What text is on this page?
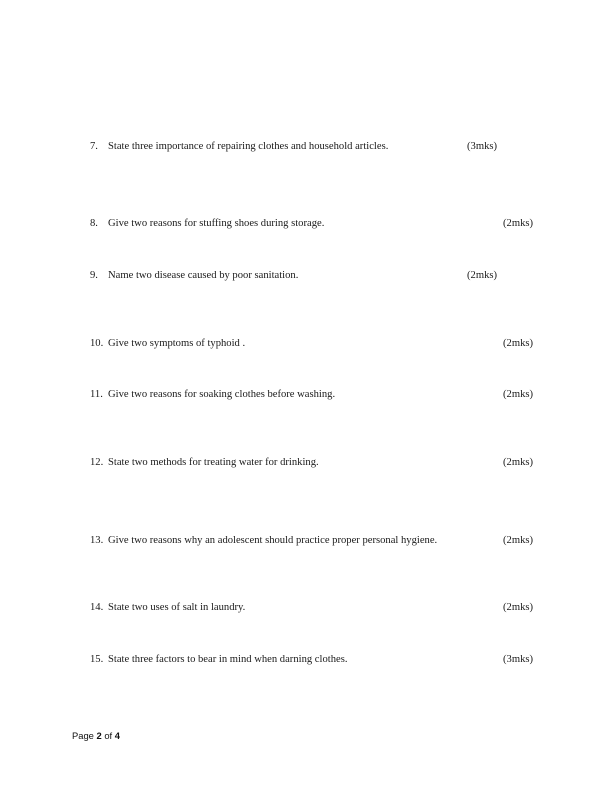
7. State three importance of repairing clothes and household articles.	(3mks)
8. Give two reasons for stuffing shoes during storage.	(2mks)
9. Name two disease caused by poor sanitation.	(2mks)
10. Give two symptoms of typhoid .	(2mks)
11. Give two reasons for soaking clothes before washing.	(2mks)
12. State two methods for treating water for drinking.	(2mks)
13. Give two reasons why an adolescent should practice proper personal hygiene.	(2mks)
14. State two uses of salt in laundry.	(2mks)
15. State three factors to bear in mind when darning clothes.	(3mks)
Page 2 of 4
